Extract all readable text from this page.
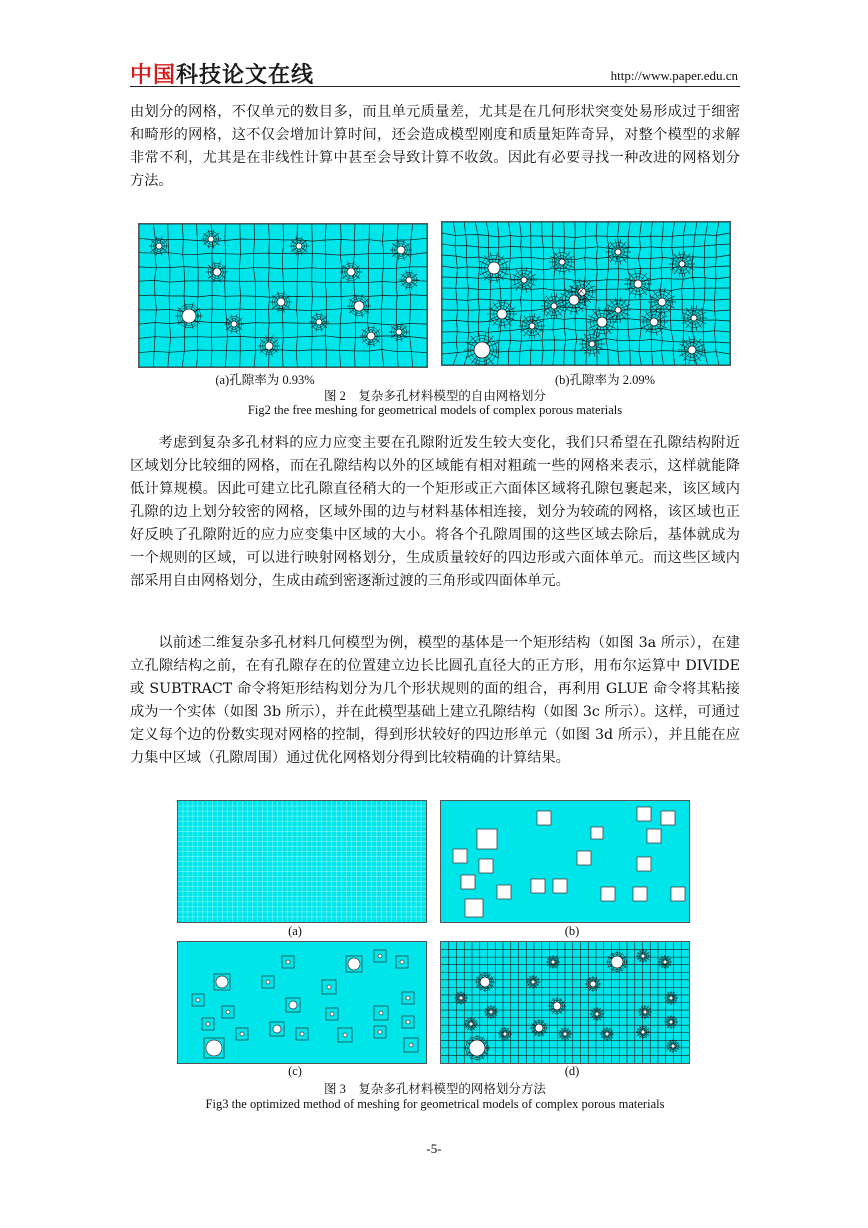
中国科技论文在线	http://www.paper.edu.cn

由划分的网格，不仅单元的数目多，而且单元质量差，尤其是在几何形状突变处易形成过于细密和畸形的网格，这不仅会增加计算时间，还会造成模型刚度和质量矩阵奇异，对整个模型的求解非常不利，尤其是在非线性计算中甚至会导致计算不收敛。因此有必要寻找一种改进的网格划分方法。

(a)孔隙率为 0.93%	(b)孔隙率为 2.09%
图 2　复杂多孔材料模型的自由网格划分
Fig2 the free meshing for geometrical models of complex porous materials

考虑到复杂多孔材料的应力应变主要在孔隙附近发生较大变化，我们只希望在孔隙结构附近区域划分比较细的网格，而在孔隙结构以外的区域能有相对粗疏一些的网格来表示，这样就能降低计算规模。因此可建立比孔隙直径稍大的一个矩形或正六面体区域将孔隙包裹起来，该区域内孔隙的边上划分较密的网格，区域外围的边与材料基体相连接，划分为较疏的网格，该区域也正好反映了孔隙附近的应力应变集中区域的大小。将各个孔隙周围的这些区域去除后，基体就成为一个规则的区域，可以进行映射网格划分，生成质量较好的四边形或六面体单元。而这些区域内部采用自由网格划分，生成由疏到密逐渐过渡的三角形或四面体单元。

以前述二维复杂多孔材料几何模型为例，模型的基体是一个矩形结构（如图 3a 所示），在建立孔隙结构之前，在有孔隙存在的位置建立边长比圆孔直径大的正方形，用布尔运算中 DIVIDE 或 SUBTRACT 命令将矩形结构划分为几个形状规则的面的组合，再利用 GLUE 命令将其粘接成为一个实体（如图 3b 所示），并在此模型基础上建立孔隙结构（如图 3c 所示）。这样，可通过定义每个边的份数实现对网格的控制，得到形状较好的四边形单元（如图 3d 所示），并且能在应力集中区域（孔隙周围）通过优化网格划分得到比较精确的计算结果。

(a)	(b)
(c)	(d)
图 3　复杂多孔材料模型的网格划分方法
Fig3 the optimized method of meshing for geometrical models of complex porous materials
-5-
